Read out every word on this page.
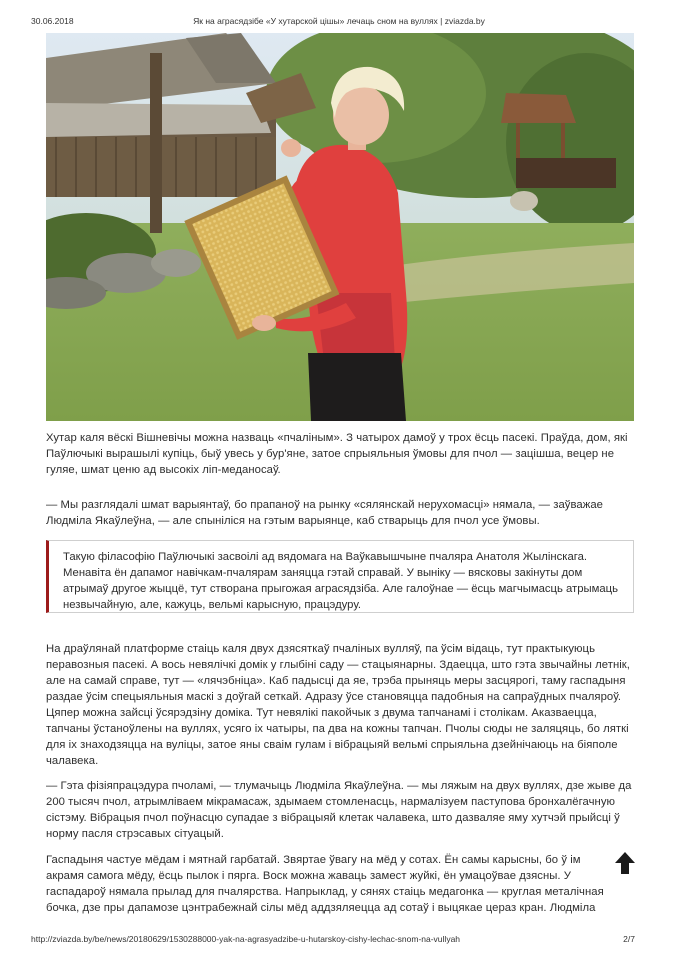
30.06.2018	Як на аграсядзібе «У хутарской цішы» лечаць сном на вуллях | zviazda.by

Хутар каля вёскі Вішневічы можна назваць «пчаліным». З чатырох дамоў у трох ёсць пасекі. Праўда, дом, які Паўлючыкі вырашылі купіць, быў увесь у бур'яне, затое спрыяльныя ўмовы для пчол — зацішша, вецер не гуляе, шмат ценю ад высокіх ліп-меданосаў.

— Мы разглядалі шмат варыянтаў, бо прапаноў на рынку «сялянскай нерухомасці» нямала, — заўважае Людміла Якаўлеўна, — але спыніліся на гэтым варыянце, каб стварыць для пчол усе ўмовы.

Такую філасофію Паўлючыкі засвоілі ад вядомага на Ваўкавышчыне пчаляра Анатоля Жылінскага. Менавіта ён дапамог навічкам-пчалярам заняцца гэтай справай. У выніку — вясковы закінуты дом атрымаў другое жыццё, тут створана прыгожая аграсядзіба. Але галоўнае — ёсць магчымасць атрымаць незвычайную, але, кажуць, вельмі карысную, працэдуру.

На драўлянай платформе стаіць каля двух дзясяткаў пчаліных вулляў, па ўсім відаць, тут практыкуюць перавозныя пасекі. А вось невялічкі домік у глыбіні саду — стацыянарны. Здаецца, што гэта звычайны летнік, але на самай справе, тут — «лячэбніца». Каб падысці да яе, трэба прыняць меры засцярогі, таму гаспадыня раздае ўсім спецыяльныя маскі з доўгай сеткай. Адразу ўсе становяцца падобныя на сапраўдных пчаляроў. Цяпер можна зайсці ўсярэдзіну доміка. Тут невялікі пакойчык з двума тапчанамі і столікам. Аказваецца, тапчаны ўстаноўлены на вуллях, усяго іх чатыры, па два на кожны тапчан. Пчолы сюды не заляцяць, бо ляткі для іх знаходзяцца на вуліцы, затое яны сваім гулам і вібрацыяй вельмі спрыяльна дзейнічаюць на біяполе чалавека.

— Гэта фізіяпрацэдура пчоламі, — тлумачыць Людміла Якаўлеўна. — мы ляжым на двух вуллях, дзе жыве да 200 тысяч пчол, атрымліваем мікрамасаж, здымаем стомленасць, нармалізуем паступова бронхалёгачную сістэму. Вібрацыя пчол поўнасцю супадае з вібрацыяй клетак чалавека, што дазваляе яму хутчэй прыйсці ў норму пасля стрэсавых сітуацый.

Гаспадыня частуе мёдам і мятнай гарбатай. Звяртае ўвагу на мёд у сотах. Ён самы карысны, бо ў ім акрамя самога мёду, ёсць пылок і пярга. Воск можна жаваць замест жуйкі, ён умацоўвае дзясны. У гаспадароў нямала прылад для пчалярства. Напрыклад, у сянях стаіць медагонка — круглая металічная бочка, дзе пры дапамозе цэнтрабежнай сілы мёд аддзяляецца ад сотаў і выцякае цераз кран. Людміла

http://zviazda.by/be/news/20180629/1530288000-yak-na-agrasyadzibe-u-hutarskoy-cishy-lechac-snom-na-vullyah	2/7
